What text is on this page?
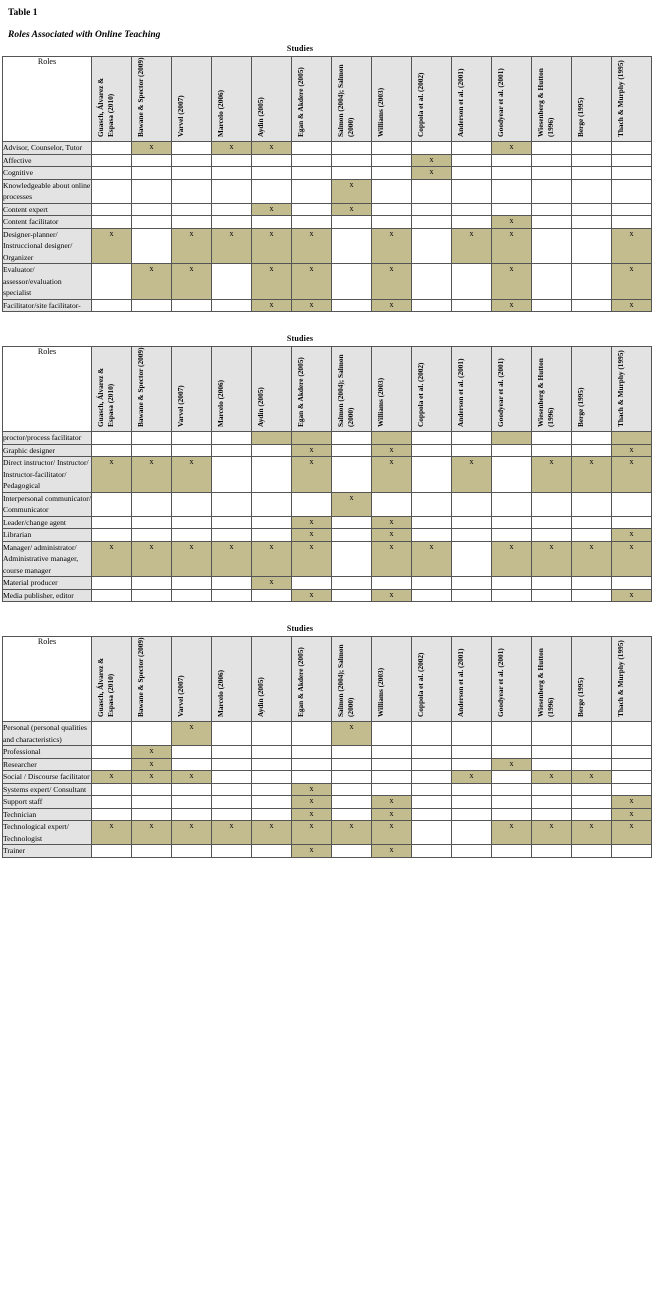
Table 1
Roles Associated with Online Teaching
Studies
Roles	Guasch, Álvarez & Espasa (2010)	Bawane & Spector (2009)	Varvel (2007)	Marcelo (2006)	Aydin (2005)	Egan & Akdere (2005)	Salmon (2004); Salmon (2000)	Williams (2003)	Coppola et al. (2002)	Anderson et al. (2001)	Goodyear et al. (2001)	Wiesenberg & Hutton (1996)	Berge (1995)	Thach & Murphy (1995)

Advisor, Counselor, Tutor		x		x	x						x			
Affective									x					
Cognitive									x					
Knowledgeable about online processes							x							
Content expert					x		x							
Content facilitator											x			
Designer-planner/ Instruccional designer/ Organizer	x		x	x	x	x		x		x	x			x
Evaluator/ assessor/evaluation specialist		x	x		x	x		x			x			x
Facilitator/site facilitator-					x	x		x			x			x
Studies
Roles	Guasch, Álvarez & Espasa (2010)	Bawane & Spector (2009)	Varvel (2007)	Marcelo (2006)	Aydin (2005)	Egan & Akdere (2005)	Salmon (2004); Salmon (2000)	Williams (2003)	Coppola et al. (2002)	Anderson et al. (2001)	Goodyear et al. (2001)	Wiesenberg & Hutton (1996)	Berge (1995)	Thach & Murphy (1995)

proctor/process facilitator														
Graphic designer						x		x						x
Direct instructor/ Instructor/ Instructor-facilitator/ Pedagogical	x	x	x			x		x		x		x	x	x
Interpersonal communicator/ Communicator							x							
Leader/change agent						x		x						
Librarian						x		x						x
Manager/ administrator/ Administrative manager, course manager	x	x	x	x	x	x		x	x		x	x	x	x
Material producer					x									
Media publisher, editor						x		x						x
Studies
Roles	Guasch, Álvarez & Espasa (2010)	Bawane & Spector (2009)	Varvel (2007)	Marcelo (2006)	Aydin (2005)	Egan & Akdere (2005)	Salmon (2004); Salmon (2000)	Williams (2003)	Coppola et al. (2002)	Anderson et al. (2001)	Goodyear et al. (2001)	Wiesenberg & Hutton (1996)	Berge (1995)	Thach & Murphy (1995)

Personal (personal qualities and characteristics)			x				x							
Professional		x												
Researcher		x									x			
Social / Discourse facilitator	x	x	x							x		x	x	
Systems expert/ Consultant						x								
Support staff						x		x						x
Technician						x		x						x
Technological expert/ Technologist	x	x	x	x	x	x	x	x			x	x	x	x
Trainer						x		x						
